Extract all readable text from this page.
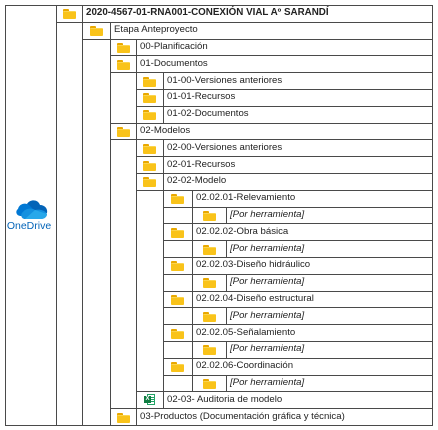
OneDrive
2020-4567-01-RNA001-CONEXIÓN VIAL Aº SARANDÍ
Etapa Anteproyecto
00-Planificación
01-Documentos
01-00-Versiones anteriores
01-01-Recursos
01-02-Documentos
02-Modelos
02-00-Versiones anteriores
02-01-Recursos
02-02-Modelo
02.02.01-Relevamiento
[Por herramienta]
02.02.02-Obra básica
[Por herramienta]
02.02.03-Diseño hidráulico
[Por herramienta]
02.02.04-Diseño estructural
[Por herramienta]
02.02.05-Señalamiento
[Por herramienta]
02.02.06-Coordinación
[Por herramienta]
X 02-03- Auditoria de modelo
03-Productos (Documentación gráfica y técnica)
